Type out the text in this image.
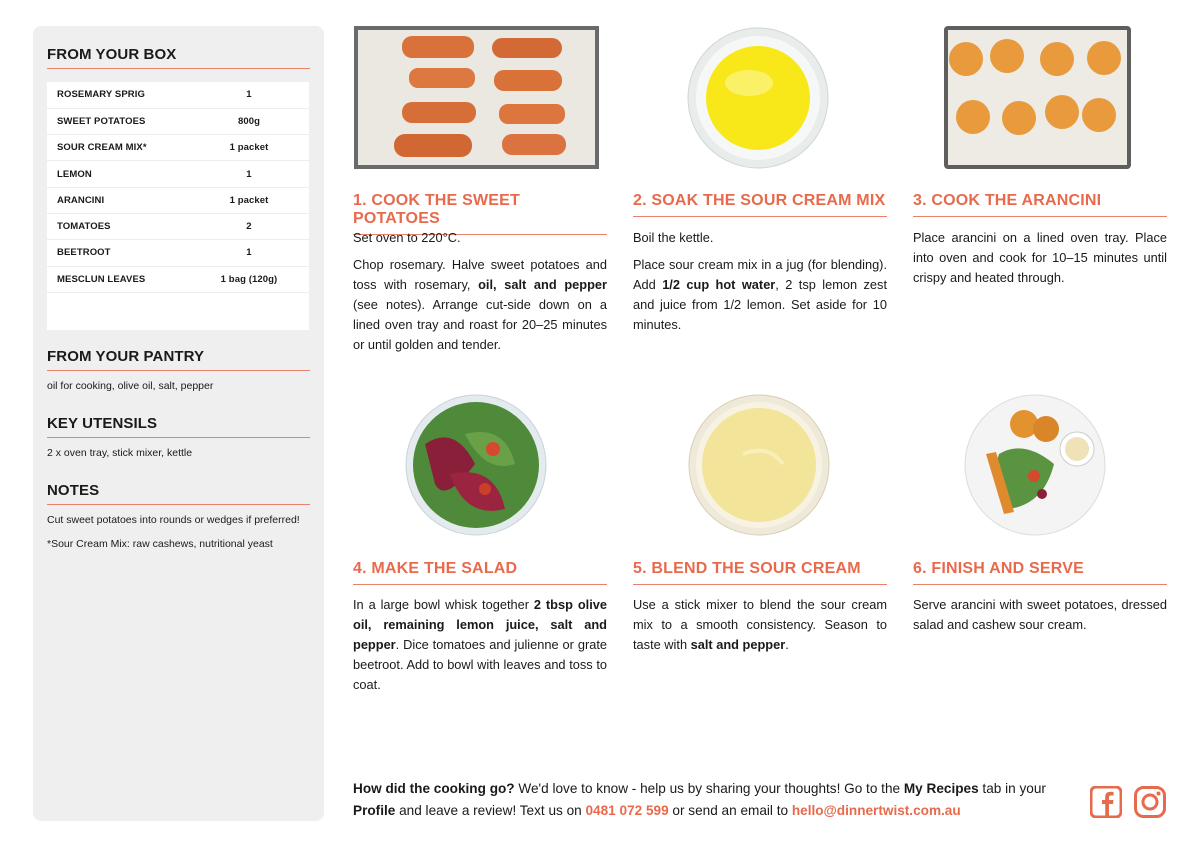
FROM YOUR BOX
ROSEMARY SPRIG	1
SWEET POTATOES	800g
SOUR CREAM MIX*	1 packet
LEMON	1
ARANCINI	1 packet
TOMATOES	2
BEETROOT	1
MESCLUN LEAVES	1 bag (120g)

FROM YOUR PANTRY
oil for cooking, olive oil, salt, pepper
KEY UTENSILS
2 x oven tray, stick mixer, kettle
NOTES
Cut sweet potatoes into rounds or wedges if preferred!
*Sour Cream Mix: raw cashews, nutritional yeast
1. COOK THE SWEET POTATOES

Set oven to 220°C.

Chop rosemary. Halve sweet potatoes and toss with rosemary, oil, salt and pepper (see notes). Arrange cut-side down on a lined oven tray and roast for 20–25 minutes or until golden and tender.

2. SOAK THE SOUR CREAM MIX

Boil the kettle.

Place sour cream mix in a jug (for blending). Add 1/2 cup hot water, 2 tsp lemon zest and juice from 1/2 lemon. Set aside for 10 minutes.

3. COOK THE ARANCINI

Place arancini on a lined oven tray. Place into oven and cook for 10–15 minutes until crispy and heated through.

4. MAKE THE SALAD

In a large bowl whisk together 2 tbsp olive oil, remaining lemon juice, salt and pepper. Dice tomatoes and julienne or grate beetroot. Add to bowl with leaves and toss to coat.

5. BLEND THE SOUR CREAM

Use a stick mixer to blend the sour cream mix to a smooth consistency. Season to taste with salt and pepper.

6. FINISH AND SERVE

Serve arancini with sweet potatoes, dressed salad and cashew sour cream.

How did the cooking go? We'd love to know - help us by sharing your thoughts! Go to the My Recipes tab in your Profile and leave a review! Text us on 0481 072 599 or send an email to hello@dinnertwist.com.au
